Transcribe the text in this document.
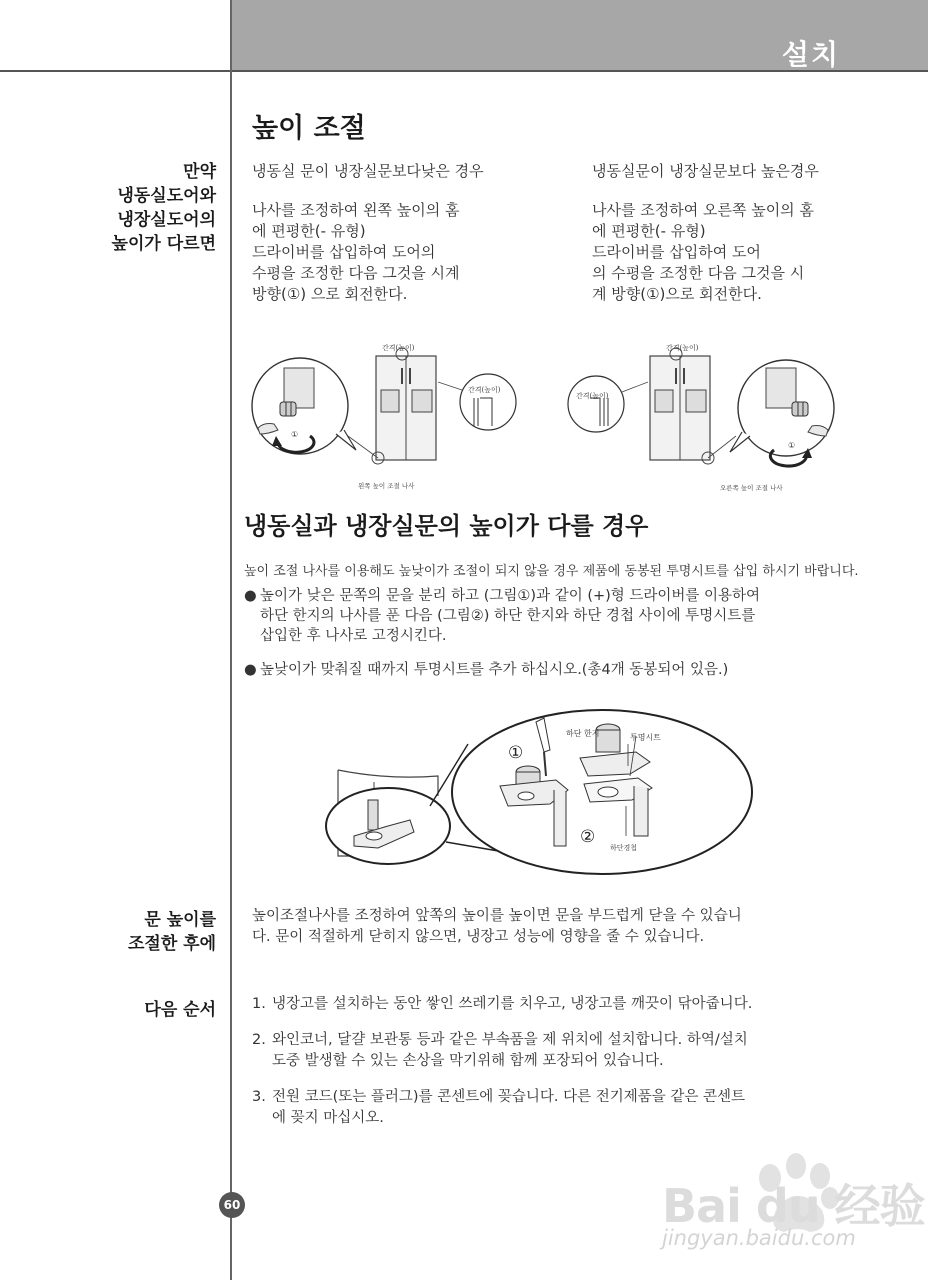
설치
높이 조절
만약
냉동실도어와
냉장실도어의
높이가 다르면
냉동실 문이 냉장실문보다낮은 경우	냉동실문이 냉장실문보다 높은경우
나사를 조정하여 왼쪽 높이의 홈
에 편평한(- 유형)
드라이버를 삽입하여 도어의
수평을 조정한 다음 그것을 시계
방향(①) 으로 회전한다.
나사를 조정하여 오른쪽 높이의 홈
에 편평한(- 유형)
드라이버를 삽입하여 도어
의 수평을 조정한 다음 그것을 시
계 방향(①)으로 회전한다.
①
간격(높이)
간격(높이)
왼쪽 높이 조절 나사
①
간격(높이)
간격(높이)
오른쪽 높이 조절 나사
냉동실과 냉장실문의 높이가 다를 경우
높이 조절 나사를 이용해도 높낮이가 조절이 되지 않을 경우 제품에 동봉된 투명시트를 삽입 하시기 바랍니다.
● 높이가 낮은 문쪽의 문을 분리 하고 (그림①)과 같이 (+)형 드라이버를 이용하여
하단 한지의 나사를 푼 다음 (그림②) 하단 한지와 하단 경첩 사이에 투명시트를
삽입한 후 나사로 고정시킨다.
● 높낮이가 맞춰질 때까지 투명시트를 추가 하십시오.(총4개 동봉되어 있음.)
①
②
하단 한지	투명시트
하단경첩
문 높이를
조절한 후에
높이조절나사를 조정하여 앞쪽의 높이를 높이면 문을 부드럽게 닫을 수 있습니
다. 문이 적절하게 닫히지 않으면, 냉장고 성능에 영향을 줄 수 있습니다.
다음 순서 1. 냉장고를 설치하는 동안 쌓인 쓰레기를 치우고, 냉장고를 깨끗이 닦아줍니다.
2. 와인코너, 달걀 보관통 등과 같은 부속품을 제 위치에 설치합니다. 하역/설치
도중 발생할 수 있는 손상을 막기위해 함께 포장되어 있습니다.
3. 전원 코드(또는 플러그)를 콘센트에 꽂습니다. 다른 전기제품을 같은 콘센트
에 꽂지 마십시오.
60	Bai du 经验
jingyan.baidu.com
